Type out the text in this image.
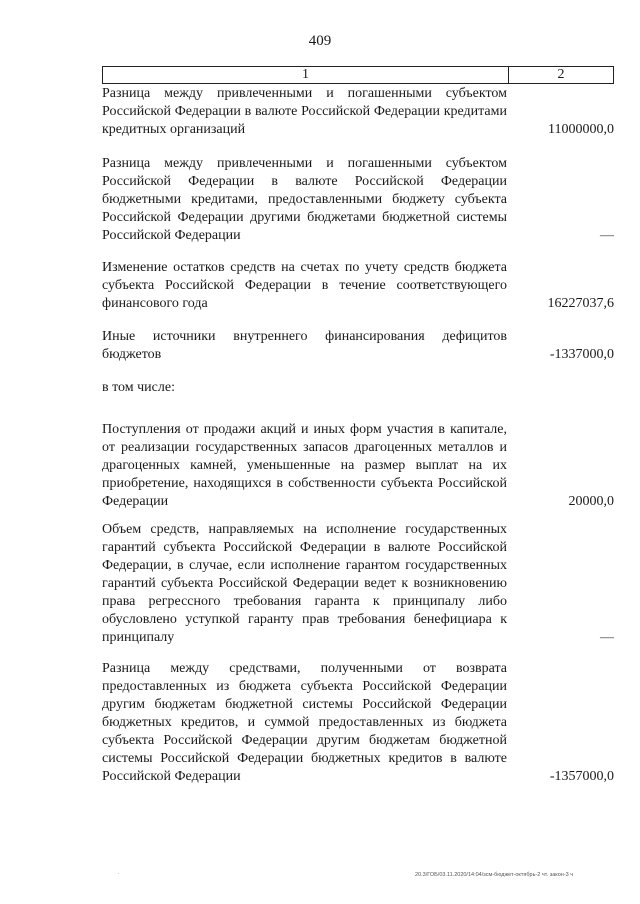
409
1	2
Разница между привлеченными и погашенными субъектом Российской Федерации в валюте Российской Федерации кредитами кредитных организаций	11000000,0
Разница между привлеченными и погашенными субъектом Российской Федерации в валюте Российской Федерации бюджетными кредитами, предоставленными бюджету субъекта Российской Федерации другими бюджетами бюджетной системы Российской Федерации	—
Изменение остатков средств на счетах по учету средств бюджета субъекта Российской Федерации в течение соответствующего финансового года	16227037,6
Иные источники внутреннего финансирования дефицитов бюджетов	-1337000,0
в том числе:
Поступления от продажи акций и иных форм участия в капитале, от реализации государственных запасов драгоценных металлов и драгоценных камней, уменьшенные на размер выплат на их приобретение, находящихся в собственности субъекта Российской Федерации	20000,0
Объем средств, направляемых на исполнение государственных гарантий субъекта Российской Федерации в валюте Российской Федерации, в случае, если исполнение гарантом государственных гарантий субъекта Российской Федерации ведет к возникновению права регрессного требования гаранта к принципалу либо обусловлено уступкой гаранту прав требования бенефициара к принципалу	—
Разница между средствами, полученными от возврата предоставленных из бюджета субъекта Российской Федерации другим бюджетам бюджетной системы Российской Федерации бюджетных кредитов, и суммой предоставленных из бюджета субъекта Российской Федерации другим бюджетам бюджетной системы Российской Федерации бюджетных кредитов в валюте Российской Федерации	-1357000,0
.	20.3/ГОБ/03.11.2020/14:04/зсм-бюджет-октябрь-2 чт. закон-3 ч
